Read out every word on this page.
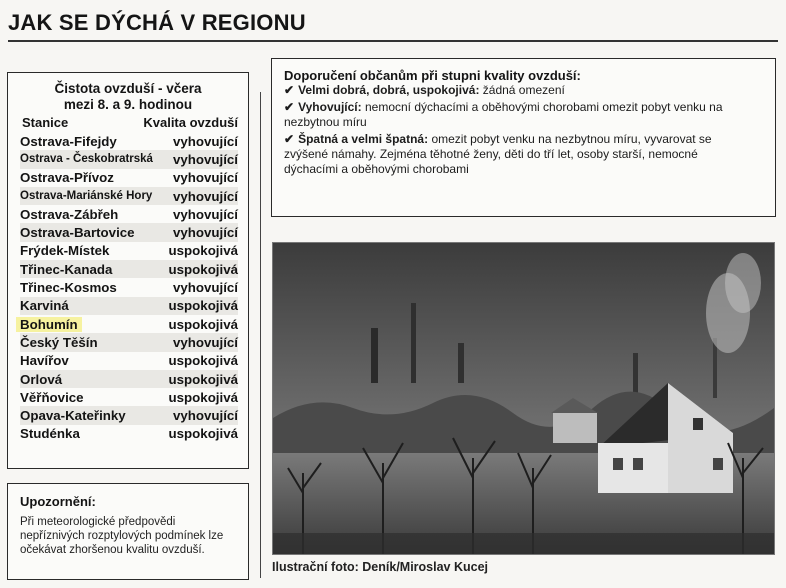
JAK SE DÝCHÁ V REGIONU
Čistota ovzduší - včera
mezi 8. a 9. hodinou
Stanice	Kvalita ovzduší
Ostrava-Fifejdy	vyhovující
Ostrava - Českobratrská vyhovující
Ostrava-Přívoz	vyhovující
Ostrava-Mariánské Hory vyhovující
Ostrava-Zábřeh	vyhovující
Ostrava-Bartovice	vyhovující
Frýdek-Místek	uspokojivá
Třinec-Kanada	uspokojivá
Třinec-Kosmos	vyhovující
Karviná	uspokojivá
Bohumín	uspokojivá
Český Těšín	vyhovující
Havířov	uspokojivá
Orlová	uspokojivá
Věřňovice	uspokojivá
Opava-Kateřinky	vyhovující
Studénka	uspokojivá
Upozornění:
Při meteorologické předpovědi nepříznivých rozptylových podmínek lze očekávat zhoršenou kvalitu ovzduší.
Doporučení občanům při stupni kvality ovzduší:
✔ Velmi dobrá, dobrá, uspokojivá: žádná omezení
✔ Vyhovující: nemocní dýchacími a oběhovými chorobami omezit pobyt venku na nezbytnou míru
✔ Špatná a velmi špatná: omezit pobyt venku na nezbytnou míru, vyvarovat se zvýšené námahy. Zejména těhotné ženy, děti do tří let, osoby starší, nemocné dýchacími a oběhovými chorobami
Ilustrační foto: Deník/Miroslav Kucej
